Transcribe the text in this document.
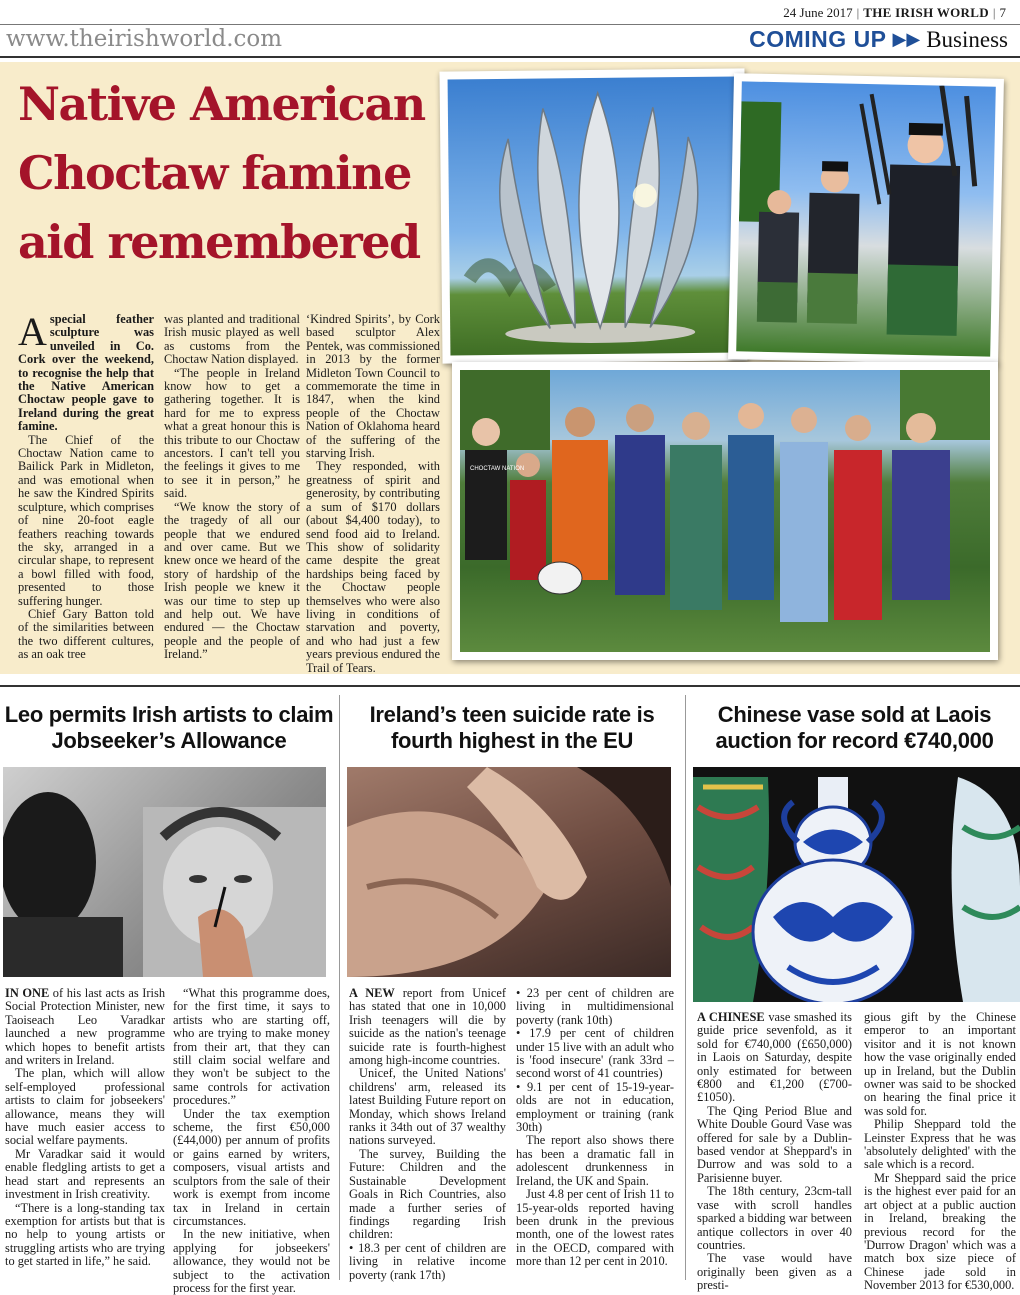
24 June 2017 | THE IRISH WORLD | 7
www.theirishworld.com	COMING UP ▶▶ Business
Native American Choctaw famine aid remembered

Aspecial feather sculpture was unveiled in Co. Cork over the weekend, to recognise the help that the Native American Choctaw people gave to Ireland during the great famine.

The Chief of the Choctaw Nation came to Bailick Park in Midleton, and was emotional when he saw the Kindred Spirits sculpture, which comprises of nine 20-foot eagle feathers reaching towards the sky, arranged in a circular shape, to represent a bowl filled with food, presented to those suffering hunger.

Chief Gary Batton told of the similarities between the two different cultures, as an oak tree

was planted and traditional Irish music played as well as customs from the Choctaw Nation displayed.

“The people in Ireland know how to get a gathering together. It is hard for me to express what a great honour this is this tribute to our Choctaw ancestors. I can't tell you the feelings it gives to me to see it in person,” he said.

“We know the story of the tragedy of all our people that we endured and over came. But we knew once we heard of the story of hardship of the Irish people we knew it was our time to step up and help out. We have endured — the Choctaw people and the people of Ireland.”

‘Kindred Spirits’, by Cork based sculptor Alex Pentek, was commissioned in 2013 by the former Midleton Town Council to commemorate the time in 1847, when the kind people of the Choctaw Nation of Oklahoma heard of the suffering of the starving Irish.

They responded, with greatness of spirit and generosity, by contributing a sum of $170 dollars (about $4,400 today), to send food aid to Ireland. This show of solidarity came despite the great hardships being faced by the Choctaw people themselves who were also living in conditions of starvation and poverty, and who had just a few years previous endured the Trail of Tears.

CHOCTAW NATION
Leo permits Irish artists to claim Jobseeker’s Allowance

IN ONE of his last acts as Irish Social Protection Minister, new Taoiseach Leo Varadkar launched a new programme which hopes to benefit artists and writers in Ireland.

The plan, which will allow self-employed professional artists to claim for jobseekers' allowance, means they will have much easier access to social welfare payments.

Mr Varadkar said it would enable fledgling artists to get a head start and represents an investment in Irish creativity.

“There is a long-standing tax exemption for artists but that is no help to young artists or struggling artists who are trying to get started in life,” he said.

“What this programme does, for the first time, it says to artists who are starting off, who are trying to make money from their art, that they can still claim social welfare and they won't be subject to the same controls for activation procedures.”

Under the tax exemption scheme, the first €50,000 (£44,000) per annum of profits or gains earned by writers, composers, visual artists and sculptors from the sale of their work is exempt from income tax in Ireland in certain circumstances.

In the new initiative, when applying for jobseekers' allowance, they would not be subject to the activation process for the first year.

Ireland’s teen suicide rate is fourth highest in the EU

A NEW report from Unicef has stated that one in 10,000 Irish teenagers will die by suicide as the nation's teenage suicide rate is fourth-highest among high-income countries.

Unicef, the United Nations' childrens' arm, released its latest Building Future report on Monday, which shows Ireland ranks it 34th out of 37 wealthy nations surveyed.

The survey, Building the Future: Children and the Sustainable Development Goals in Rich Countries, also made a further series of findings regarding Irish children:

• 18.3 per cent of children are living in relative income poverty (rank 17th)

• 23 per cent of children are living in multidimensional poverty (rank 10th)

• 17.9 per cent of children under 15 live with an adult who is 'food insecure' (rank 33rd – second worst of 41 countries)

• 9.1 per cent of 15-19-year-olds are not in education, employment or training (rank 30th)

The report also shows there has been a dramatic fall in adolescent drunkenness in Ireland, the UK and Spain.

Just 4.8 per cent of Irish 11 to 15-year-olds reported having been drunk in the previous month, one of the lowest rates in the OECD, compared with more than 12 per cent in 2010.

Chinese vase sold at Laois auction for record €740,000

A CHINESE vase smashed its guide price sevenfold, as it sold for €740,000 (£650,000) in Laois on Saturday, despite only estimated for between €800 and €1,200 (£700-£1050).

The Qing Period Blue and White Double Gourd Vase was offered for sale by a Dublin-based vendor at Sheppard's in Durrow and was sold to a Parisienne buyer.

The 18th century, 23cm-tall vase with scroll handles sparked a bidding war between antique collectors in over 40 countries.

The vase would have originally been given as a presti-

gious gift by the Chinese emperor to an important visitor and it is not known how the vase originally ended up in Ireland, but the Dublin owner was said to be shocked on hearing the final price it was sold for.

Philip Sheppard told the Leinster Express that he was 'absolutely delighted' with the sale which is a record.

Mr Sheppard said the price is the highest ever paid for an art object at a public auction in Ireland, breaking the previous record for the 'Durrow Dragon' which was a match box size piece of Chinese jade sold in November 2013 for €530,000.
